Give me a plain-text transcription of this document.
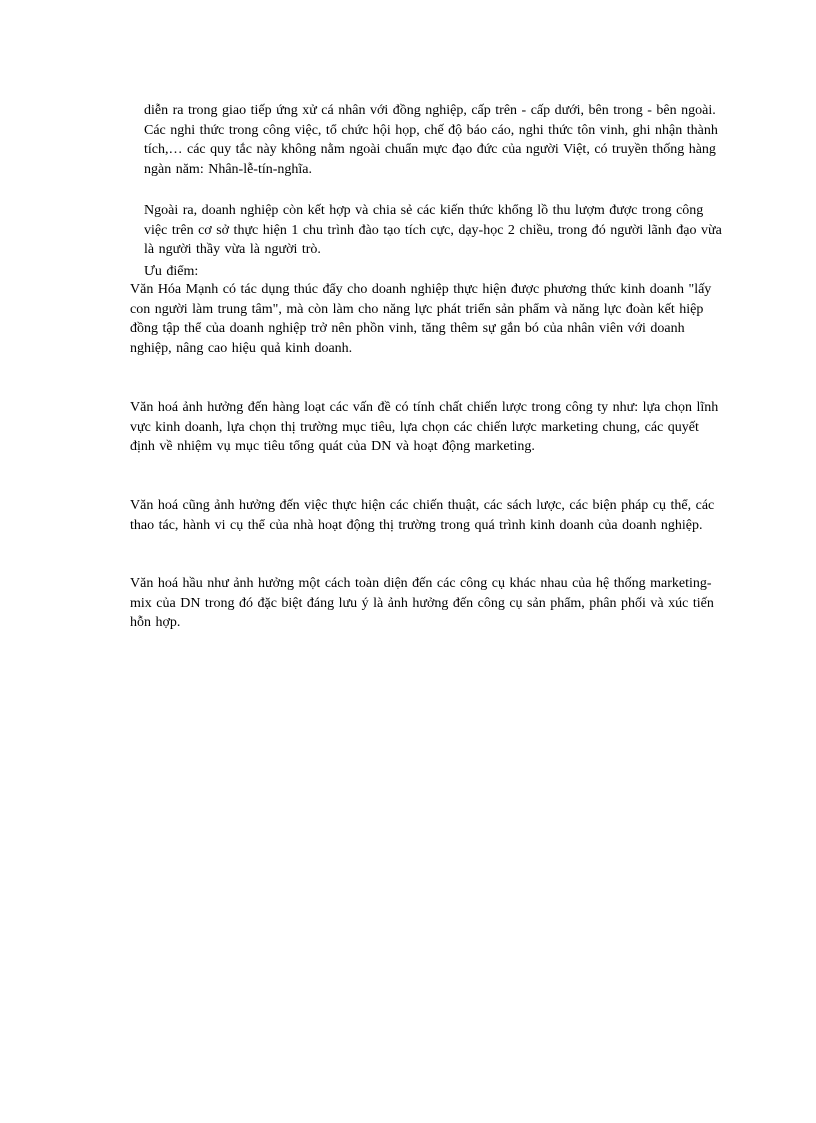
diễn ra trong giao tiếp ứng xử cá nhân với đồng nghiệp, cấp trên - cấp dưới, bên trong - bên ngoài. Các nghi thức trong công việc, tổ chức hội họp, chế độ báo cáo, nghi thức tôn vinh, ghi nhận thành tích,… các quy tắc này không nằm ngoài chuẩn mực đạo đức của người Việt, có truyền thống hàng ngàn năm: Nhân-lễ-tín-nghĩa.

Ngoài ra, doanh nghiệp còn kết hợp và chia sẻ các kiến thức khổng lồ thu lượm được trong công việc trên cơ sở thực hiện 1 chu trình đào tạo tích cực, dạy-học 2 chiều, trong đó người lãnh đạo vừa là người thầy vừa là người trò.

Ưu điểm:

Văn Hóa Mạnh có tác dụng thúc đẩy cho doanh nghiệp thực hiện được phương thức kinh doanh "lấy con người làm trung tâm", mà còn làm cho năng lực phát triển sản phẩm và năng lực đoàn kết hiệp đồng tập thể của doanh nghiệp trở nên phồn vinh, tăng thêm sự gắn bó của nhân viên với doanh nghiệp, nâng cao hiệu quả kinh doanh.

Văn hoá ảnh hưởng đến hàng loạt các vấn đề có tính chất chiến lược trong công ty như: lựa chọn lĩnh vực kinh doanh, lựa chọn thị trường mục tiêu, lựa chọn các chiến lược marketing chung, các quyết định về nhiệm vụ mục tiêu tổng quát của DN và hoạt động marketing.

Văn hoá cũng ảnh hưởng đến việc thực hiện các chiến thuật, các sách lược, các biện pháp cụ thể, các thao tác, hành vi cụ thể của nhà hoạt động thị trường trong quá trình kinh doanh của doanh nghiệp.

Văn hoá hầu như ảnh hưởng một cách toàn diện đến các công cụ khác nhau của hệ thống marketing- mix của DN trong đó đặc biệt đáng lưu ý là ảnh hưởng đến công cụ sản phẩm, phân phối và xúc tiến hỗn hợp.
